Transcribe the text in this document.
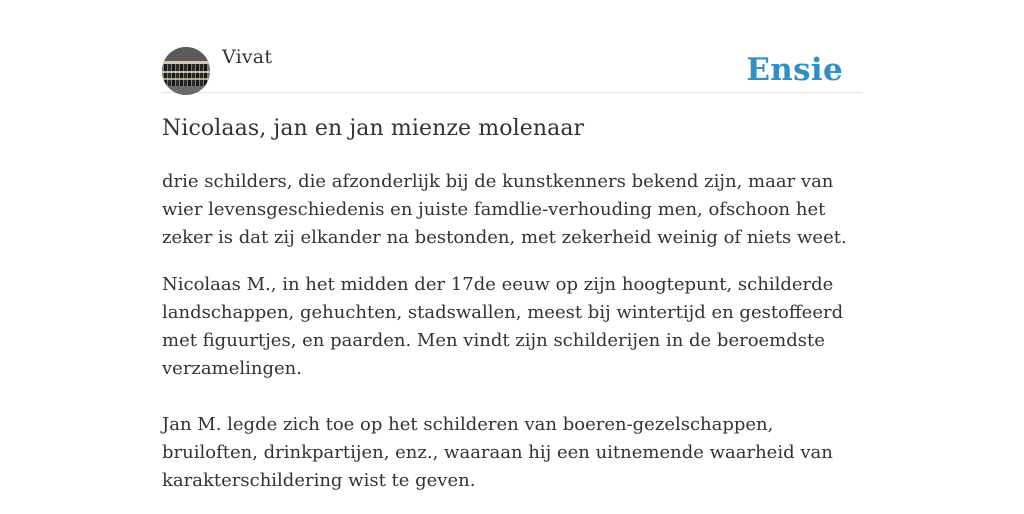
Vivat	Ensie
Nicolaas, jan en jan mienze molenaar

drie schilders, die afzonderlijk bij de kunstkenners bekend zijn, maar van wier levensgeschiedenis en juiste famdlie-verhouding men, ofschoon het zeker is dat zij elkander na bestonden, met zekerheid weinig of niets weet.

Nicolaas M., in het midden der 17de eeuw op zijn hoogtepunt, schilderde landschappen, gehuchten, stadswallen, meest bij wintertijd en gestoffeerd met figuurtjes, en paarden. Men vindt zijn schilderijen in de beroemdste verzamelingen.

Jan M. legde zich toe op het schilderen van boeren-gezelschappen, bruiloften, drinkpartijen, enz., waaraan hij een uitnemende waarheid van karakterschildering wist te geven.
